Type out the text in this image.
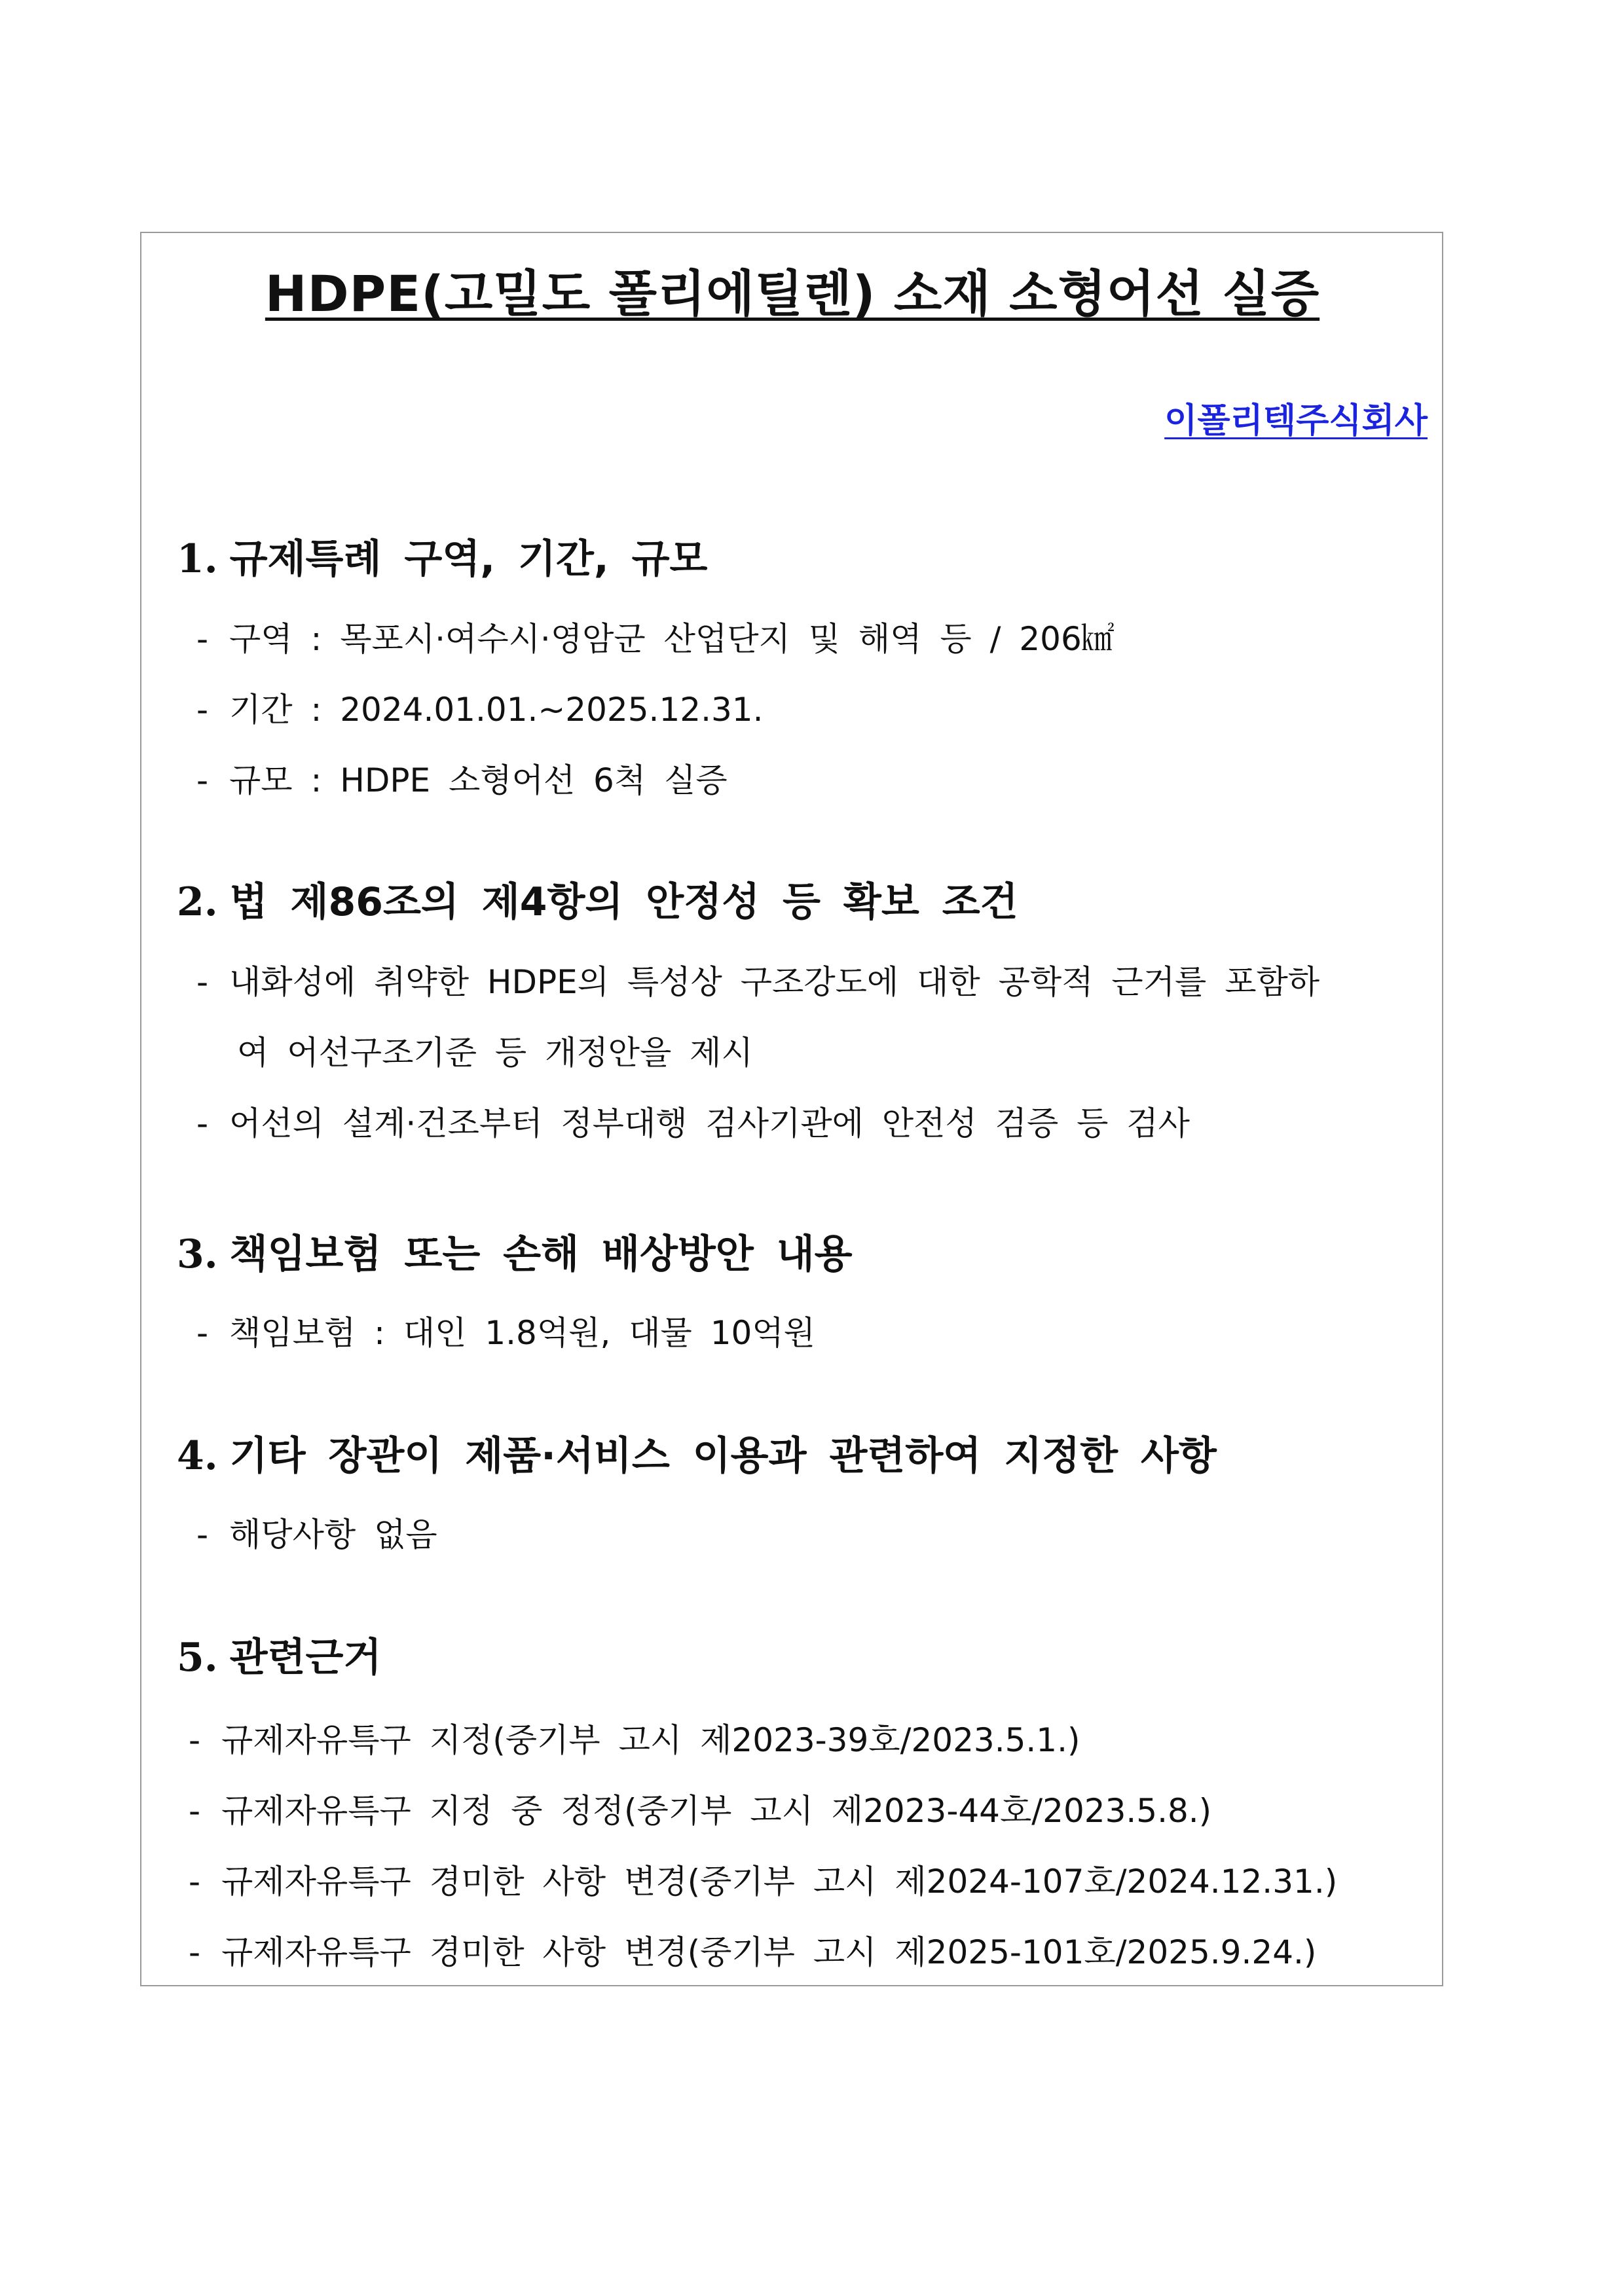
HDPE(고밀도 폴리에틸렌) 소재 소형어선 실증
이폴리텍주식회사
1. 규제특례 구역, 기간, 규모
- 구역 : 목포시·여수시·영암군 산업단지 및 해역 등 / 206㎢
- 기간 : 2024.01.01.~2025.12.31.
- 규모 : HDPE 소형어선 6척 실증
2. 법 제86조의 제4항의 안정성 등 확보 조건
- 내화성에 취약한 HDPE의 특성상 구조강도에 대한 공학적 근거를 포함하
여 어선구조기준 등 개정안을 제시
- 어선의 설계·건조부터 정부대행 검사기관에 안전성 검증 등 검사
3. 책임보험 또는 손해 배상방안 내용
- 책임보험 : 대인 1.8억원, 대물 10억원
4. 기타 장관이 제품·서비스 이용과 관련하여 지정한 사항
- 해당사항 없음
5. 관련근거
- 규제자유특구 지정(중기부 고시 제2023-39호/2023.5.1.)
- 규제자유특구 지정 중 정정(중기부 고시 제2023-44호/2023.5.8.)
- 규제자유특구 경미한 사항 변경(중기부 고시 제2024-107호/2024.12.31.)
- 규제자유특구 경미한 사항 변경(중기부 고시 제2025-101호/2025.9.24.)
